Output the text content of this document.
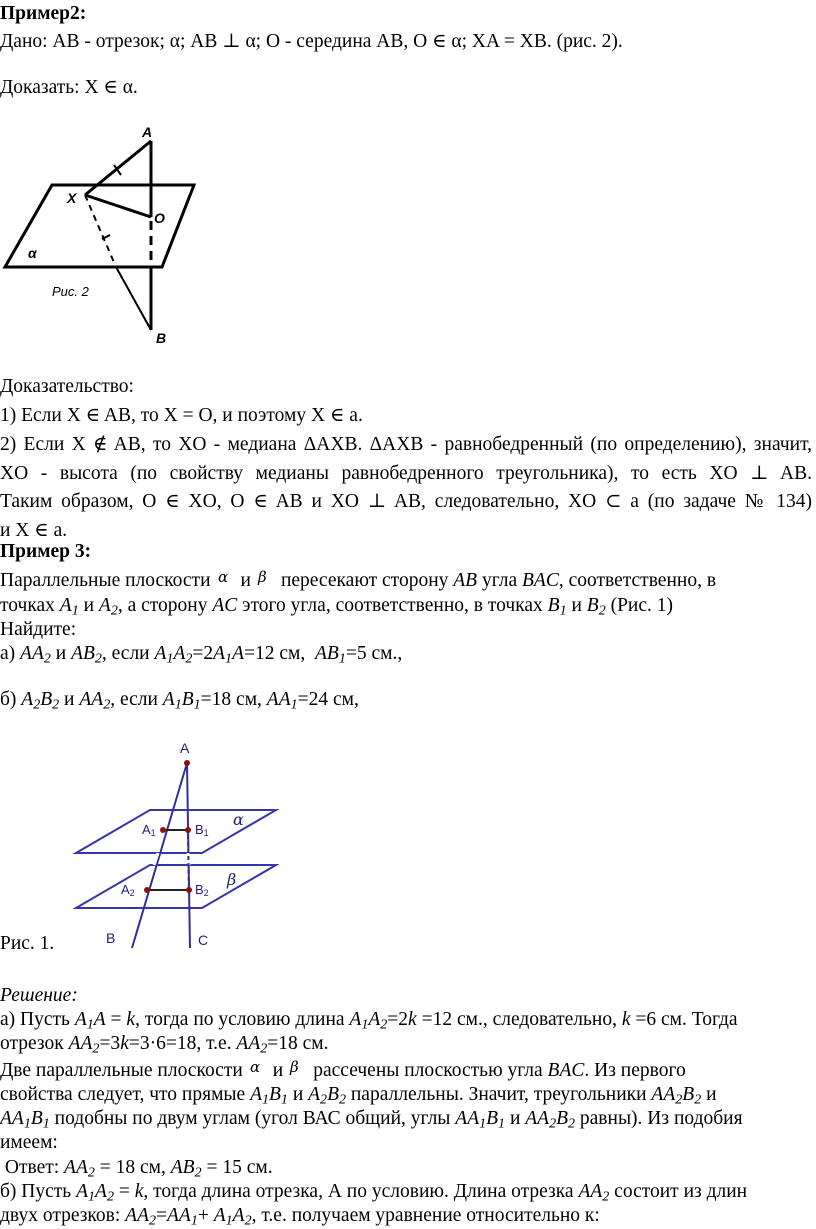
Пример2:
Дано: AB - отрезок; α; AB ⊥ α; O - середина AB, O ∈ α; XA = XB. (рис. 2).
Доказать: X ∈ α.
A
X
O
α
Рис. 2
B
Доказательство:
1) Если X ∈ AB, то X = O, и поэтому X ∈ a.
2) Если X ∉ AB, то XO - медиана ΔAXB. ΔAXB - равнобедренный (по определению), значит,
XO - высота (по свойству медианы равнобедренного треугольника), то есть XO ⊥ AB.
Таким образом, O ∈ XO, O ∈ AB и XO ⊥ AB, следовательно, XO ⊂ a (по задаче № 134)
и X ∈ a.
Пример 3:
Параллельные плоскости α и β пересекают сторону AB угла BAC, соответственно, в
точках $A_1$ и $A_2$, а сторону AC этого угла, соответственно, в точках $B_1$ и $B_2$ (Рис. 1)
Найдите:
а) $AA_2$ и $AB_2$, если $A_1A_2=2A_1A=12$ см,  $AB_1=5$ см.,
б) $A_2B_2$ и $AA_2$, если $A_1B_1=18$ см, $AA_1=24$ см,
A
A1	B1
α
A2	B2
β
B	C
Рис. 1.
Решение:
а) Пусть $A_1A = k$, тогда по условию длина $A_1A_2=2k =12$ см., следовательно, k =6 см. Тогда
отрезок $AA_2=3k=3\cdot 6=18$, т.е. $AA_2=18$ см.
Две параллельные плоскости α и β рассечены плоскостью угла BAC. Из первого
свойства следует, что прямые $A_1B_1$ и $A_2B_2$ параллельны. Значит, треугольники $AA_2B_2$ и
$AA_1B_1$ подобны по двум углам (угол ВАС общий, углы $AA_1B_1$ и $AA_2B_2$ равны). Из подобия
имеем:
Ответ: $AA_2 = 18$ см, $AB_2 = 15$ см.
б) Пусть $A_1A_2 = k$, тогда длина отрезка, А по условию. Длина отрезка $AA_2$ состоит из длин
двух отрезков: $AA_2=AA_1+ A_1A_2$, т.е. получаем уравнение относительно к:
